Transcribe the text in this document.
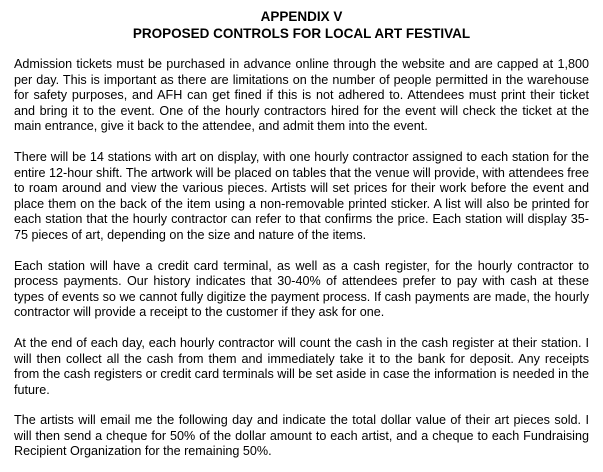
APPENDIX V

PROPOSED CONTROLS FOR LOCAL ART FESTIVAL

Admission tickets must be purchased in advance online through the website and are capped at 1,800 per day. This is important as there are limitations on the number of people permitted in the warehouse for safety purposes, and AFH can get fined if this is not adhered to. Attendees must print their ticket and bring it to the event. One of the hourly contractors hired for the event will check the ticket at the main entrance, give it back to the attendee, and admit them into the event.

There will be 14 stations with art on display, with one hourly contractor assigned to each station for the entire 12-hour shift. The artwork will be placed on tables that the venue will provide, with attendees free to roam around and view the various pieces. Artists will set prices for their work before the event and place them on the back of the item using a non-removable printed sticker. A list will also be printed for each station that the hourly contractor can refer to that confirms the price. Each station will display 35-75 pieces of art, depending on the size and nature of the items.

Each station will have a credit card terminal, as well as a cash register, for the hourly contractor to process payments. Our history indicates that 30-40% of attendees prefer to pay with cash at these types of events so we cannot fully digitize the payment process. If cash payments are made, the hourly contractor will provide a receipt to the customer if they ask for one.

At the end of each day, each hourly contractor will count the cash in the cash register at their station. I will then collect all the cash from them and immediately take it to the bank for deposit. Any receipts from the cash registers or credit card terminals will be set aside in case the information is needed in the future.

The artists will email me the following day and indicate the total dollar value of their art pieces sold. I will then send a cheque for 50% of the dollar amount to each artist, and a cheque to each Fundraising Recipient Organization for the remaining 50%.
